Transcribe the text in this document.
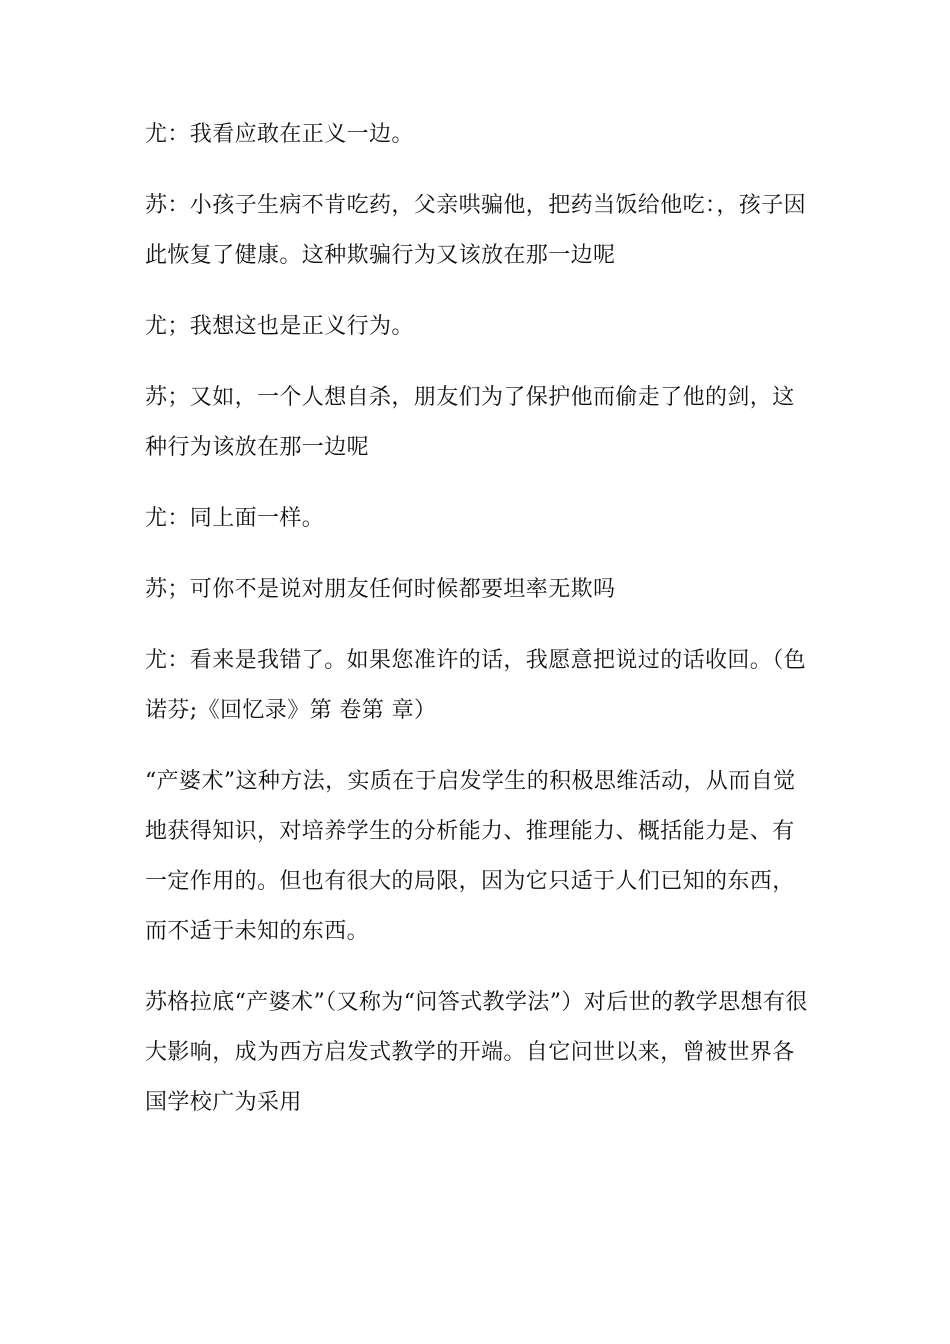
尤：我看应敢在正义一边。

苏：小孩子生病不肯吃药，父亲哄骗他，把药当饭给他吃：，孩子因此恢复了健康。这种欺骗行为又该放在那一边呢

尤；我想这也是正义行为。

苏；又如，一个人想自杀，朋友们为了保护他而偷走了他的剑，这种行为该放在那一边呢

尤：同上面一样。

苏；可你不是说对朋友任何时候都要坦率无欺吗

尤：看来是我错了。如果您准许的话，我愿意把说过的话收回。（色诺芬;《回忆录》第 卷第 章）

“产婆术”这种方法，实质在于启发学生的积极思维活动，从而自觉地获得知识，对培养学生的分析能力、推理能力、概括能力是、有一定作用的。但也有很大的局限，因为它只适于人们已知的东西，而不适于未知的东西。

苏格拉底“产婆术”（又称为“问答式教学法”）对后世的教学思想有很大影响，成为西方启发式教学的开端。自它问世以来，曾被世界各国学校广为采用
